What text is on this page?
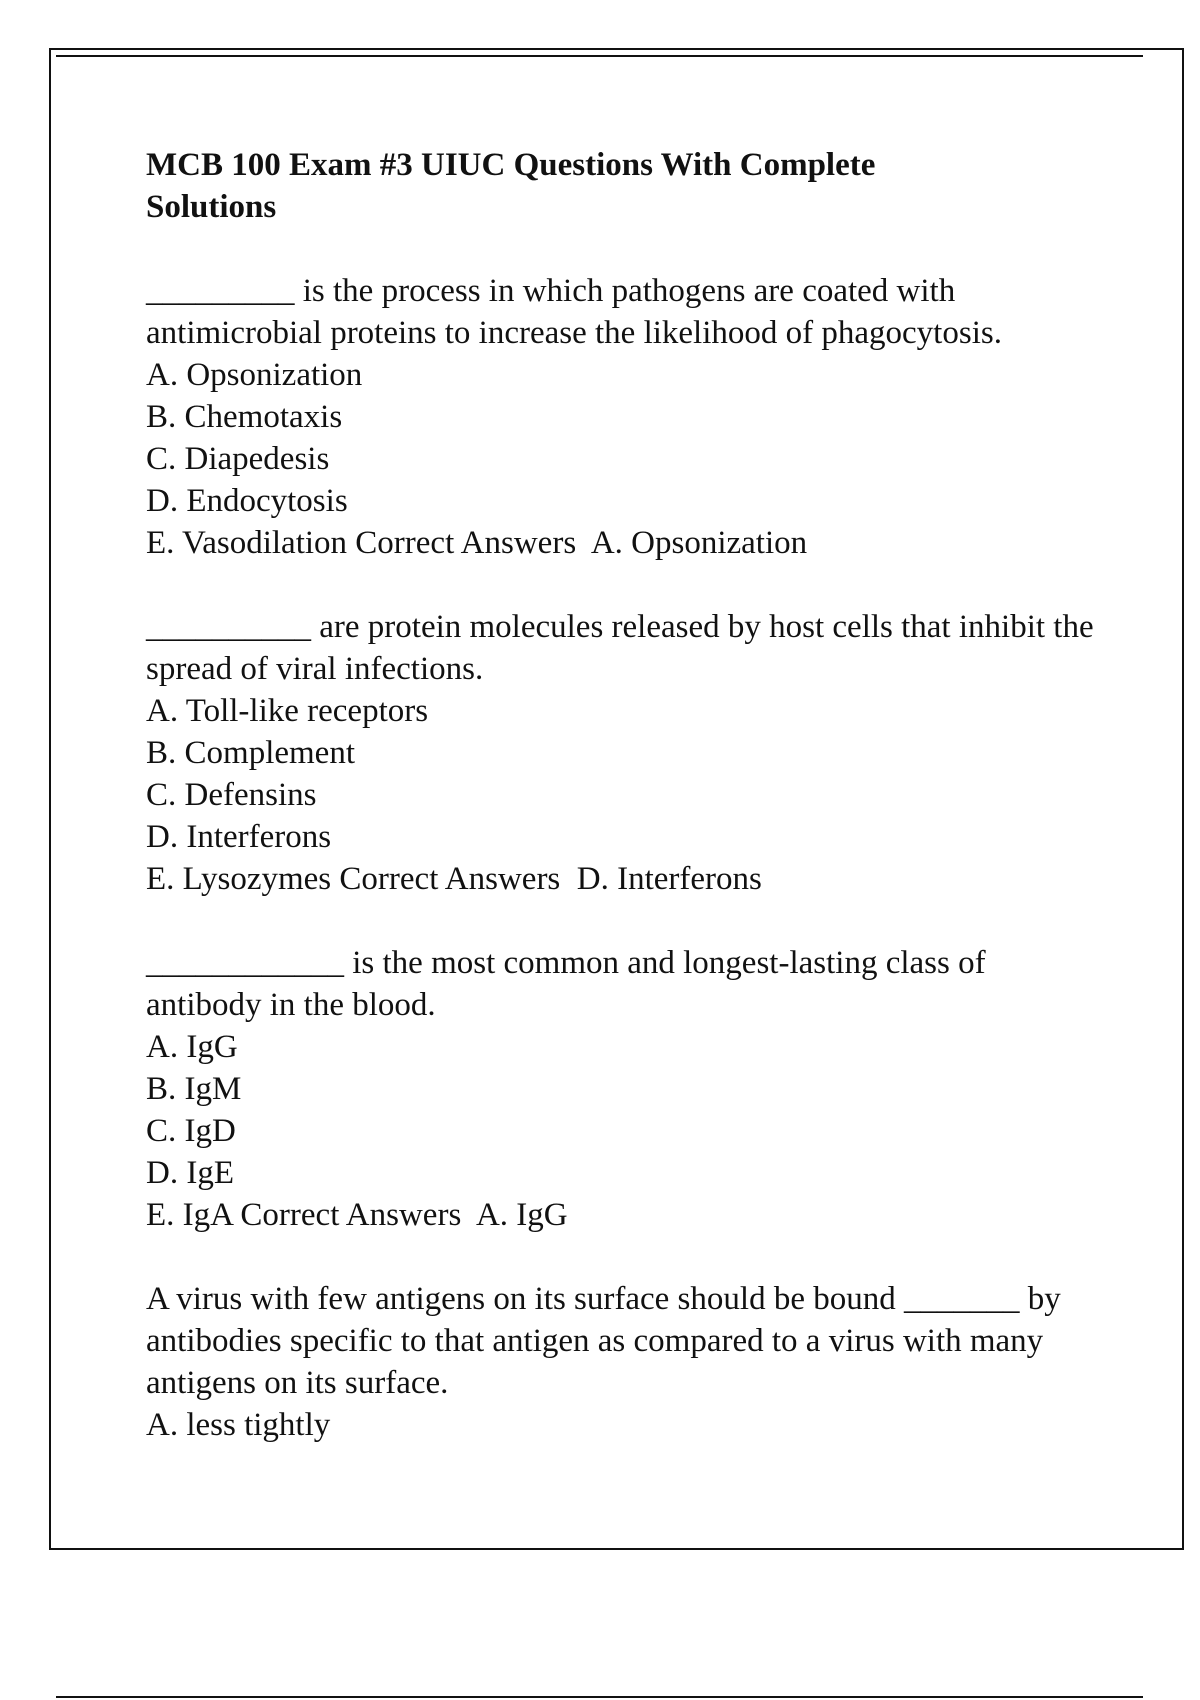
MCB 100 Exam #3 UIUC Questions With Complete Solutions

_________ is the process in which pathogens are coated with antimicrobial proteins to increase the likelihood of phagocytosis.

A. Opsonization

B. Chemotaxis

C. Diapedesis

D. Endocytosis

E. Vasodilation Correct Answers  A. Opsonization

__________ are protein molecules released by host cells that inhibit the spread of viral infections.

A. Toll-like receptors

B. Complement

C. Defensins

D. Interferons

E. Lysozymes Correct Answers  D. Interferons

____________ is the most common and longest-lasting class of antibody in the blood.

A. IgG

B. IgM

C. IgD

D. IgE

E. IgA Correct Answers  A. IgG

A virus with few antigens on its surface should be bound _______ by antibodies specific to that antigen as compared to a virus with many antigens on its surface.

A. less tightly
